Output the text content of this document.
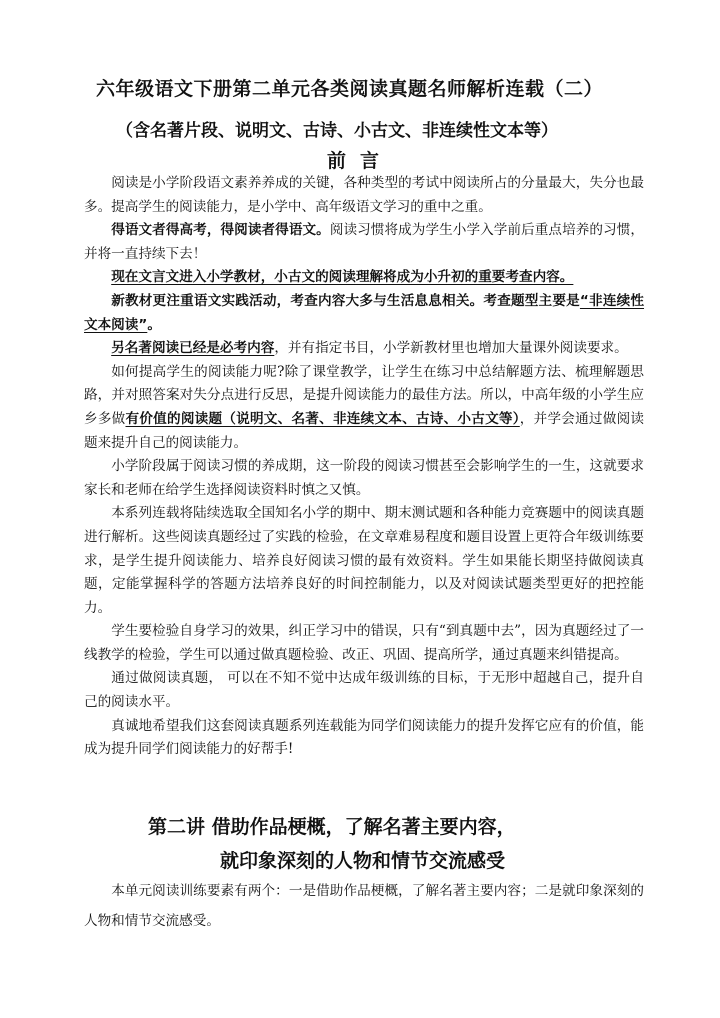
六年级语文下册第二单元各类阅读真题名师解析连载（二）
（含名著片段、说明文、古诗、小古文、非连续性文本等）
前言

阅读是小学阶段语文素养养成的关键，各种类型的考试中阅读所占的分量最大，失分也最多。提高学生的阅读能力，是小学中、高年级语文学习的重中之重。

得语文者得高考，得阅读者得语文。阅读习惯将成为学生小学入学前后重点培养的习惯，并将一直持续下去！

现在文言文进入小学教材，小古文的阅读理解将成为小升初的重要考查内容。

新教材更注重语文实践活动，考查内容大多与生活息息相关。考查题型主要是“非连续性文本阅读”。

另名著阅读已经是必考内容，并有指定书目，小学新教材里也增加大量课外阅读要求。

如何提高学生的阅读能力呢?除了课堂教学，让学生在练习中总结解题方法、梳理解题思路，并对照答案对失分点进行反思，是提升阅读能力的最佳方法。所以，中高年级的小学生应乡多做有价值的阅读题（说明文、名著、非连续文本、古诗、小古文等），并学会通过做阅读题来提升自己的阅读能力。

小学阶段属于阅读习惯的养成期，这一阶段的阅读习惯甚至会影响学生的一生，这就要求家长和老师在给学生选择阅读资料时慎之又慎。

本系列连载将陆续选取全国知名小学的期中、期末测试题和各种能力竞赛题中的阅读真题进行解析。这些阅读真题经过了实践的检验，在文章难易程度和题目设置上更符合年级训练要求，是学生提升阅读能力、培养良好阅读习惯的最有效资料。学生如果能长期坚持做阅读真题，定能掌握科学的答题方法培养良好的时间控制能力，以及对阅读试题类型更好的把控能力。

学生要检验自身学习的效果，纠正学习中的错误，只有“到真题中去”，因为真题经过了一线教学的检验，学生可以通过做真题检验、改正、巩固、提高所学，通过真题来纠错提高。

通过做阅读真题， 可以在不知不觉中达成年级训练的目标，于无形中超越自己，提升自己的阅读水平。

真诚地希望我们这套阅读真题系列连载能为同学们阅读能力的提升发挥它应有的价值，能成为提升同学们阅读能力的好帮手!

第二讲 借助作品梗概，了解名著主要内容，
就印象深刻的人物和情节交流感受

本单元阅读训练要素有两个：一是借助作品梗概，了解名著主要内容；二是就印象深刻的人物和情节交流感受。
